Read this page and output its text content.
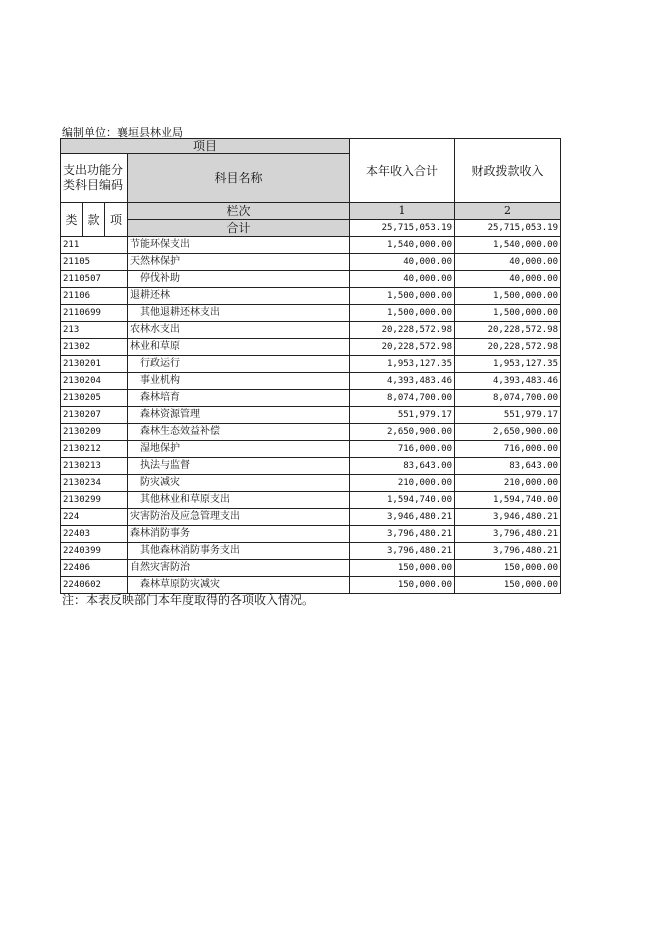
编制单位：襄垣县林业局
项目				本年收入合计	财政拨款收入
支出功能分类科目编码			科目名称		
类	款	项	栏次	1	2
			合计	25,715,053.19	25,715,053.19
211			节能环保支出	1,540,000.00	1,540,000.00
21105			天然林保护	40,000.00	40,000.00
2110507			停伐补助	40,000.00	40,000.00
21106			退耕还林	1,500,000.00	1,500,000.00
2110699			其他退耕还林支出	1,500,000.00	1,500,000.00
213			农林水支出	20,228,572.98	20,228,572.98
21302			林业和草原	20,228,572.98	20,228,572.98
2130201			行政运行	1,953,127.35	1,953,127.35
2130204			事业机构	4,393,483.46	4,393,483.46
2130205			森林培育	8,074,700.00	8,074,700.00
2130207			森林资源管理	551,979.17	551,979.17
2130209			森林生态效益补偿	2,650,900.00	2,650,900.00
2130212			湿地保护	716,000.00	716,000.00
2130213			执法与监督	83,643.00	83,643.00
2130234			防灾减灾	210,000.00	210,000.00
2130299			其他林业和草原支出	1,594,740.00	1,594,740.00
224			灾害防治及应急管理支出	3,946,480.21	3,946,480.21
22403			森林消防事务	3,796,480.21	3,796,480.21
2240399			其他森林消防事务支出	3,796,480.21	3,796,480.21
22406			自然灾害防治	150,000.00	150,000.00
2240602			森林草原防灾减灾	150,000.00	150,000.00
注：本表反映部门本年度取得的各项收入情况。
